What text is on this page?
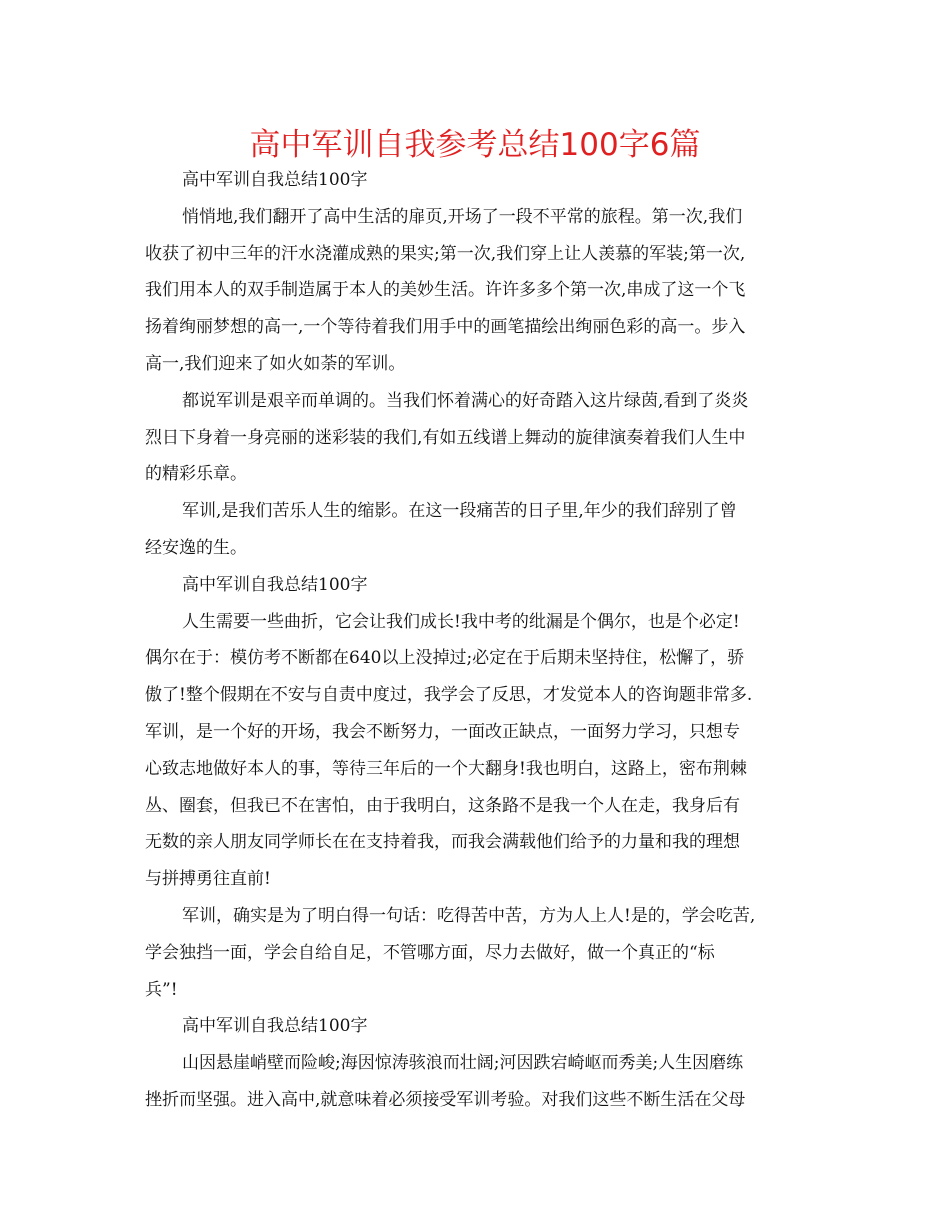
高中军训自我参考总结100字6篇
高中军训自我总结100字
悄悄地,我们翻开了高中生活的扉页,开场了一段不平常的旅程。第一次,我们
收获了初中三年的汗水浇灌成熟的果实;第一次,我们穿上让人羡慕的军装;第一次,
我们用本人的双手制造属于本人的美妙生活。许许多多个第一次,串成了这一个飞
扬着绚丽梦想的高一,一个等待着我们用手中的画笔描绘出绚丽色彩的高一。步入
高一,我们迎来了如火如荼的军训。
都说军训是艰辛而单调的。当我们怀着满心的好奇踏入这片绿茵,看到了炎炎
烈日下身着一身亮丽的迷彩装的我们,有如五线谱上舞动的旋律演奏着我们人生中
的精彩乐章。
军训,是我们苦乐人生的缩影。在这一段痛苦的日子里,年少的我们辞别了曾
经安逸的生。
高中军训自我总结100字
人生需要一些曲折，它会让我们成长!我中考的纰漏是个偶尔，也是个必定!
偶尔在于：模仿考不断都在640以上没掉过;必定在于后期未坚持住，松懈了，骄
傲了!整个假期在不安与自责中度过，我学会了反思，才发觉本人的咨询题非常多.
军训，是一个好的开场，我会不断努力，一面改正缺点，一面努力学习，只想专
心致志地做好本人的事，等待三年后的一个大翻身!我也明白，这路上，密布荆棘
丛、圈套，但我已不在害怕，由于我明白，这条路不是我一个人在走，我身后有
无数的亲人朋友同学师长在在支持着我，而我会满载他们给予的力量和我的理想
与拼搏勇往直前!
军训，确实是为了明白得一句话：吃得苦中苦，方为人上人!是的，学会吃苦,
学会独挡一面，学会自给自足，不管哪方面，尽力去做好，做一个真正的“标
兵”!
高中军训自我总结100字
山因悬崖峭壁而险峻;海因惊涛骇浪而壮阔;河因跌宕崎岖而秀美;人生因磨练
挫折而坚强。进入高中,就意味着必须接受军训考验。对我们这些不断生活在父母
